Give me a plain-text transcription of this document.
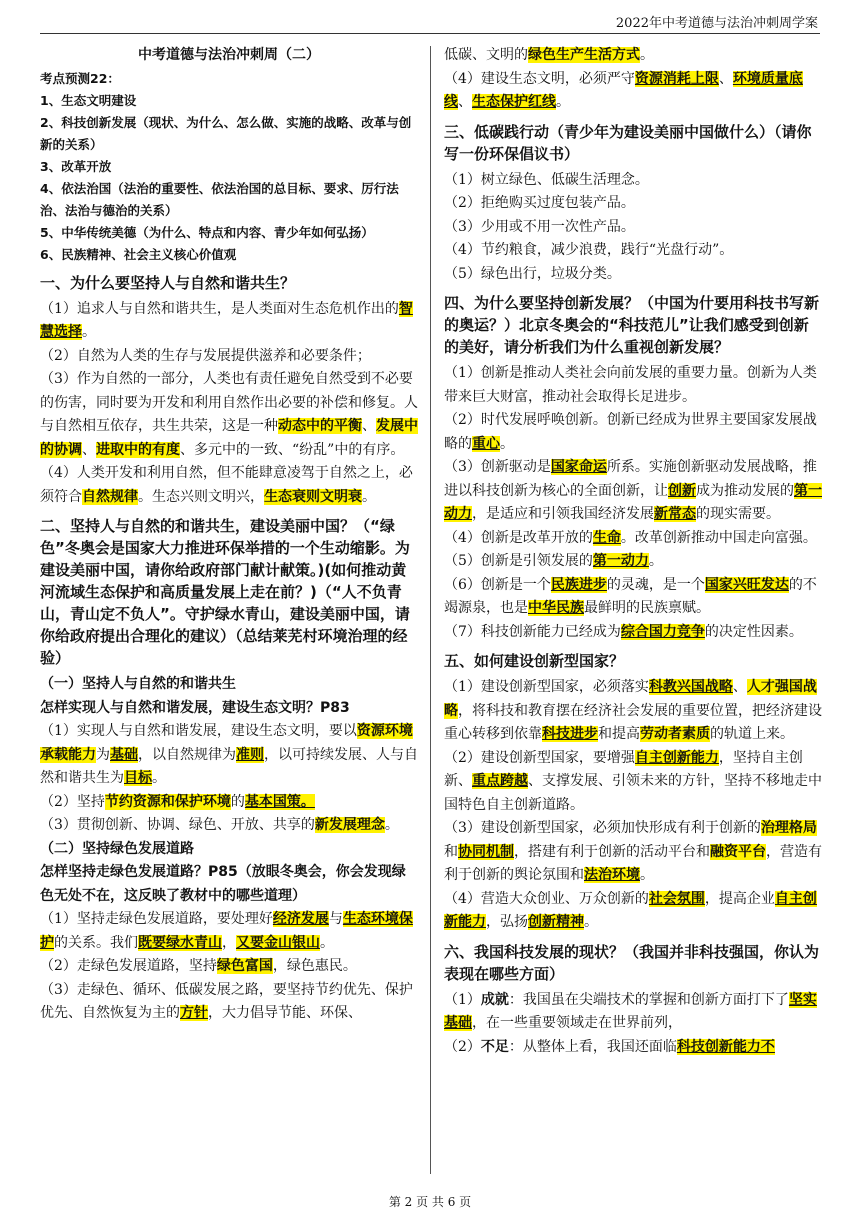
2022年中考道德与法治冲刺周学案

中考道德与法治冲刺周（二）

考点预测22：

1、生态文明建设

2、科技创新发展（现状、为什么、怎么做、实施的战略、改革与创新的关系）

3、改革开放

4、依法治国（法治的重要性、依法治国的总目标、要求、厉行法治、法治与德治的关系）

5、中华传统美德（为什么、特点和内容、青少年如何弘扬）

6、民族精神、社会主义核心价值观

一、为什么要坚持人与自然和谐共生？

（1）追求人与自然和谐共生，是人类面对生态危机作出的智慧选择。

（2）自然为人类的生存与发展提供滋养和必要条件；

（3）作为自然的一部分，人类也有责任避免自然受到不必要的伤害，同时要为开发和利用自然作出必要的补偿和修复。人与自然相互依存，共生共荣，这是一种动态中的平衡、发展中的协调、进取中的有度、多元中的一致、“纷乱”中的有序。

（4）人类开发和利用自然，但不能肆意凌驾于自然之上，必须符合自然规律。生态兴则文明兴，生态衰则文明衰。

二、坚持人与自然的和谐共生，建设美丽中国？（“绿色”冬奥会是国家大力推进环保举措的一个生动缩影。为建设美丽中国，请你给政府部门献计献策。)(如何推动黄河流域生态保护和高质量发展上走在前？)（“人不负青山，青山定不负人”。守护绿水青山，建设美丽中国，请你给政府提出合理化的建议）（总结莱芜村环境治理的经验）

（一）坚持人与自然的和谐共生

怎样实现人与自然和谐发展，建设生态文明？P83

（1）实现人与自然和谐发展，建设生态文明，要以资源环境承载能力为基础，以自然规律为准则，以可持续发展、人与自然和谐共生为目标。

（2）坚持节约资源和保护环境的基本国策。

（3）贯彻创新、协调、绿色、开放、共享的新发展理念。

（二）坚持绿色发展道路

怎样坚持走绿色发展道路？P85（放眼冬奥会，你会发现绿色无处不在，这反映了教材中的哪些道理）

（1）坚持走绿色发展道路，要处理好经济发展与生态环境保护的关系。我们既要绿水青山，又要金山银山。

（2）走绿色发展道路，坚持绿色富国，绿色惠民。

（3）走绿色、循环、低碳发展之路，要坚持节约优先、保护优先、自然恢复为主的方针，大力倡导节能、环保、

低碳、文明的绿色生产生活方式。

（4）建设生态文明，必须严守资源消耗上限、环境质量底线、生态保护红线。

三、低碳践行动（青少年为建设美丽中国做什么）（请你写一份环保倡议书）

（1）树立绿色、低碳生活理念。

（2）拒绝购买过度包装产品。

（3）少用或不用一次性产品。

（4）节约粮食，减少浪费，践行“光盘行动”。

（5）绿色出行，垃圾分类。

四、为什么要坚持创新发展？（中国为什要用科技书写新的奥运？）北京冬奥会的“科技范儿”让我们感受到创新的美好，请分析我们为什么重视创新发展？

（1）创新是推动人类社会向前发展的重要力量。创新为人类带来巨大财富，推动社会取得长足进步。

（2）时代发展呼唤创新。创新已经成为世界主要国家发展战略的重心。

（3）创新驱动是国家命运所系。实施创新驱动发展战略，推进以科技创新为核心的全面创新，让创新成为推动发展的第一动力，是适应和引领我国经济发展新常态的现实需要。

（4）创新是改革开放的生命。改革创新推动中国走向富强。

（5）创新是引领发展的第一动力。

（6）创新是一个民族进步的灵魂，是一个国家兴旺发达的不竭源泉，也是中华民族最鲜明的民族禀赋。

（7）科技创新能力已经成为综合国力竞争的决定性因素。

五、如何建设创新型国家？

（1）建设创新型国家，必须落实科教兴国战略、人才强国战略，将科技和教育摆在经济社会发展的重要位置，把经济建设重心转移到依靠科技进步和提高劳动者素质的轨道上来。

（2）建设创新型国家，要增强自主创新能力，坚持自主创新、重点跨越、支撑发展、引领未来的方针，坚持不移地走中国特色自主创新道路。

（3）建设创新型国家，必须加快形成有利于创新的治理格局和协同机制，搭建有利于创新的活动平台和融资平台，营造有利于创新的舆论氛围和法治环境。

（4）营造大众创业、万众创新的社会氛围，提高企业自主创新能力，弘扬创新精神。

六、我国科技发展的现状？（我国并非科技强国，你认为表现在哪些方面）

（1）成就：我国虽在尖端技术的掌握和创新方面打下了坚实基础，在一些重要领域走在世界前列，

（2）不足：从整体上看，我国还面临科技创新能力不

第 2 页 共 6 页
